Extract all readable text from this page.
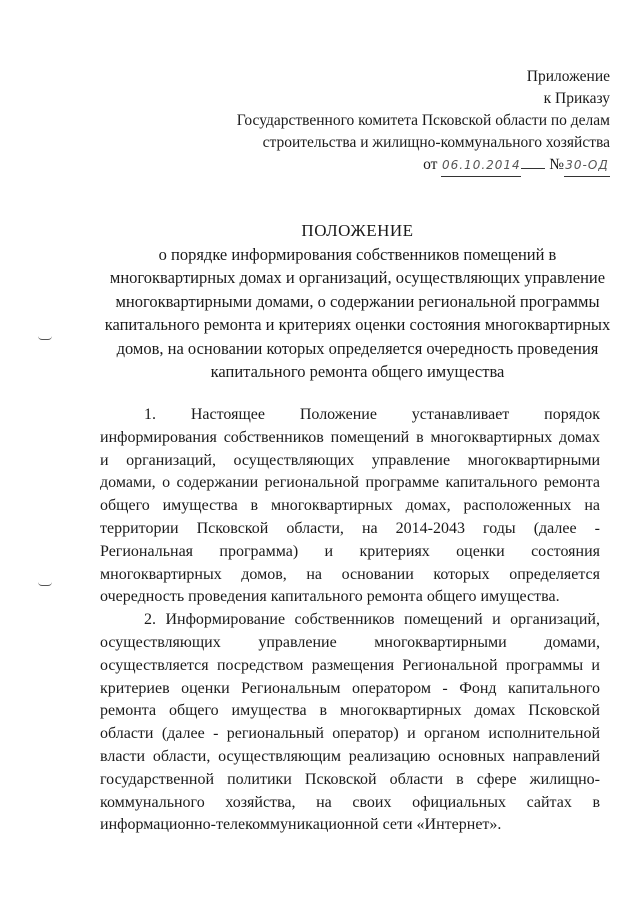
Приложение
к Приказу
Государственного комитета Псковской области по делам
строительства и жилищно-коммунального хозяйства
от 06.10.2014 №30-ОД
ПОЛОЖЕНИЕ
о порядке информирования собственников помещений в
многоквартирных домах и организаций, осуществляющих управление
многоквартирными домами, о содержании региональной программы
капитального ремонта и критериях оценки состояния многоквартирных
домов, на основании которых определяется очередность проведения
капитального ремонта общего имущества
1. Настоящее Положение устанавливает порядок
информирования собственников помещений в многоквартирных домах
и организаций, осуществляющих управление многоквартирными
домами, о содержании региональной программе капитального ремонта
общего имущества в многоквартирных домах, расположенных на
территории Псковской области, на 2014-2043 годы (далее -
Региональная программа) и критериях оценки состояния
многоквартирных домов, на основании которых определяется
очередность проведения капитального ремонта общего имущества.
2. Информирование собственников помещений и организаций,
осуществляющих управление многоквартирными домами,
осуществляется посредством размещения Региональной программы и
критериев оценки Региональным оператором - Фонд капитального
ремонта общего имущества в многоквартирных домах Псковской
области (далее - региональный оператор) и органом исполнительной
власти области, осуществляющим реализацию основных направлений
государственной политики Псковской области в сфере жилищно-
коммунального хозяйства, на своих официальных сайтах в
информационно-телекоммуникационной сети «Интернет».
